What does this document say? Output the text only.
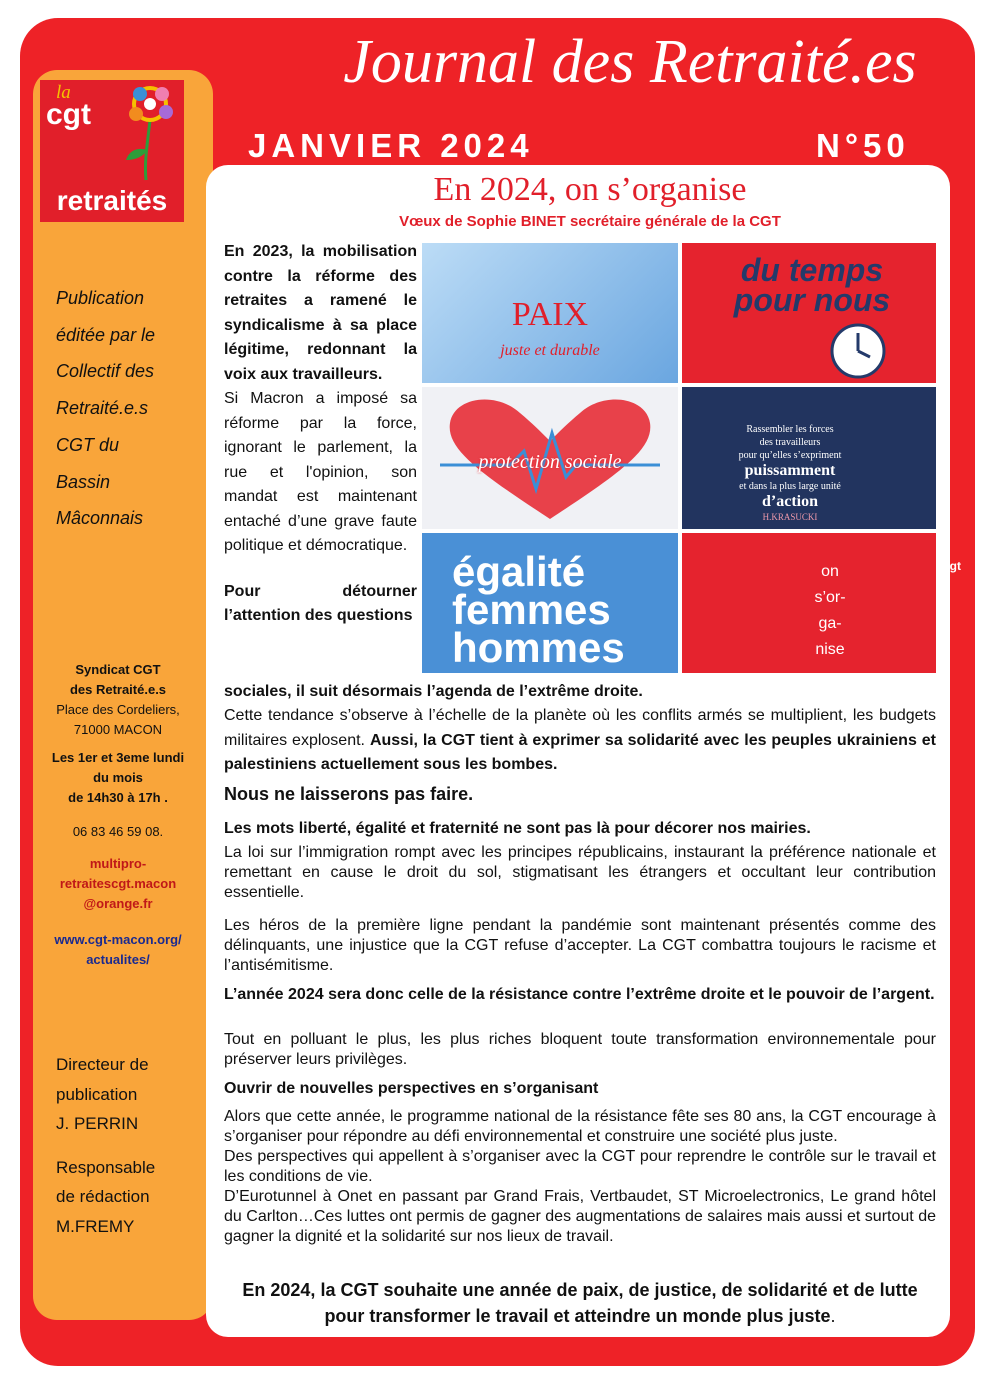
Journal des Retraité.es
JANVIER 2024	N°50
la
cgt
retraités
Publication
éditée par le
Collectif des
Retraité.e.s
CGT du
Bassin
Mâconnais
Syndicat CGT
des Retraité.e.s
Place des Cordeliers,
71000 MACON
Les 1er et 3eme lundi
du mois
de 14h30 à 17h .
06 83 46 59 08.
multipro-
retraitescgt.macon
@orange.fr
www.cgt-macon.org/
actualites/

Directeur de
publication
J. PERRIN

Responsable
de rédaction
M.FREMY

En 2024, on s’organise
Vœux de Sophie BINET secrétaire générale de la CGT
PAIX
juste et durable
du temps pour nous
protection sociale
Rassembler les forces
des travailleurs
pour qu’elles s’expriment
puissamment
et dans la plus large unité
d’action
H.KRASUCKI
égalité femmes hommes
on
s’or-
ga-
nise
cgt

En 2023, la mobilisation contre la réforme des retraites a ramené le syndicalisme à sa place légitime, redonnant la voix aux travailleurs.

Si Macron a imposé sa réforme par la force, ignorant le parlement, la rue et l'opinion, son mandat est maintenant entaché d’une grave faute politique et démocratique.

Pour détourner l’attention des questions

sociales, il suit désormais l’agenda de l’extrême droite.

Cette tendance s’observe à l’échelle de la planète où les conflits armés se multiplient, les budgets militaires explosent. Aussi, la CGT tient à exprimer sa solidarité avec les peuples ukrainiens et palestiniens actuellement sous les bombes.

Nous ne laisserons pas faire.
Les mots liberté, égalité et fraternité ne sont pas là pour décorer nos mairies.

La loi sur l’immigration rompt avec les principes républicains, instaurant la préférence nationale et remettant en cause le droit du sol, stigmatisant les étrangers et occultant leur contribution essentielle.

Les héros de la première ligne pendant la pandémie sont maintenant présentés comme des délinquants, une injustice que la CGT refuse d’accepter. La CGT combattra toujours le racisme et l’antisémitisme.

L’année 2024 sera donc celle de la résistance contre l’extrême droite et le pouvoir de l’argent.

Tout en polluant le plus, les plus riches bloquent toute transformation environnementale pour préserver leurs privilèges.

Ouvrir de nouvelles perspectives en s’organisant

Alors que cette année, le programme national de la résistance fête ses 80 ans, la CGT encourage à s’organiser pour répondre au défi environnemental et construire une société plus juste.

Des perspectives qui appellent à s’organiser avec la CGT pour reprendre le contrôle sur le travail et les conditions de vie.

D’Eurotunnel à Onet en passant par Grand Frais, Vertbaudet, ST Microelectronics, Le grand hôtel du Carlton…Ces luttes ont permis de gagner des augmentations de salaires mais aussi et surtout de gagner la dignité et la solidarité sur nos lieux de travail.

En 2024, la CGT souhaite une année de paix, de justice, de solidarité et de lutte pour transformer le travail et atteindre un monde plus juste.
